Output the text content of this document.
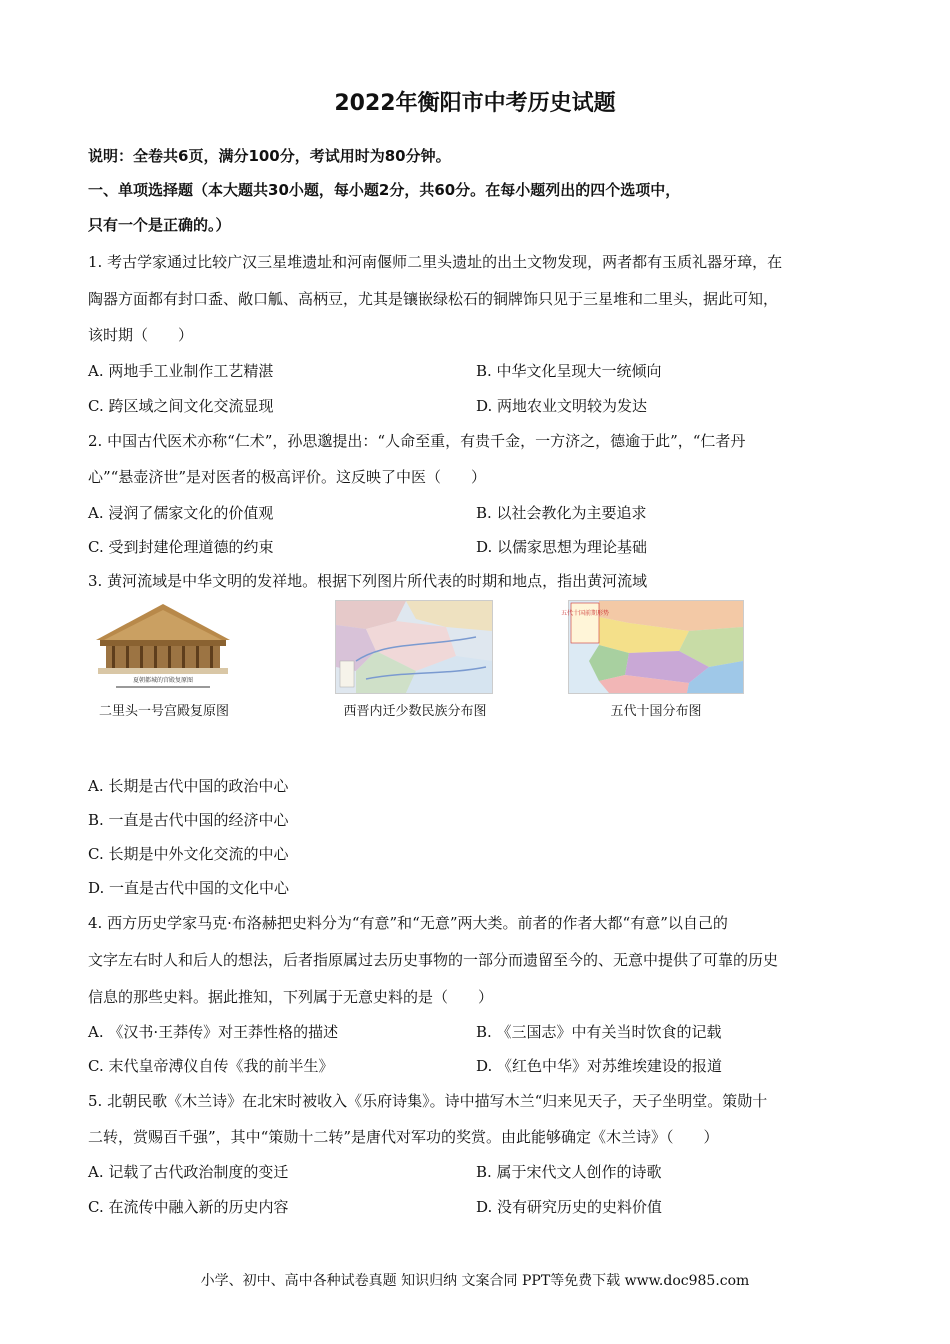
2022年衡阳市中考历史试题
说明：全卷共6页，满分100分，考试用时为80分钟。
一、单项选择题（本大题共30小题，每小题2分，共60分。在每小题列出的四个选项中，
只有一个是正确的。）
1. 考古学家通过比较广汉三星堆遗址和河南偃师二里头遗址的出土文物发现，两者都有玉质礼器牙璋，在
陶器方面都有封口盉、敞口觚、高柄豆，尤其是镶嵌绿松石的铜牌饰只见于三星堆和二里头，据此可知，
该时期（　　）
A. 两地手工业制作工艺精湛	B. 中华文化呈现大一统倾向
C. 跨区域之间文化交流显现	D. 两地农业文明较为发达
2. 中国古代医术亦称“仁术”，孙思邈提出：“人命至重，有贵千金，一方济之，德逾于此”，“仁者丹
心”“悬壶济世”是对医者的极高评价。这反映了中医（　　）
A. 浸润了儒家文化的价值观	B. 以社会教化为主要追求
C. 受到封建伦理道德的约束	D. 以儒家思想为理论基础
3. 黄河流域是中华文明的发祥地。根据下列图片所代表的时期和地点，指出黄河流域
夏朝都城的宫殿复原图
二里头一号宫殿复原图	西晋内迁少数民族分布图
五代十国前期形势
五代十国分布图
A. 长期是古代中国的政治中心
B. 一直是古代中国的经济中心
C. 长期是中外文化交流的中心
D. 一直是古代中国的文化中心
4. 西方历史学家马克·布洛赫把史料分为“有意”和“无意”两大类。前者的作者大都“有意”以自己的
文字左右时人和后人的想法，后者指原属过去历史事物的一部分而遗留至今的、无意中提供了可靠的历史
信息的那些史料。据此推知，下列属于无意史料的是（　　）
A. 《汉书·王莽传》对王莽性格的描述	B. 《三国志》中有关当时饮食的记载
C. 末代皇帝溥仪自传《我的前半生》	D. 《红色中华》对苏维埃建设的报道
5. 北朝民歌《木兰诗》在北宋时被收入《乐府诗集》。诗中描写木兰“归来见天子，天子坐明堂。策勋十
二转，赏赐百千强”，其中“策勋十二转”是唐代对军功的奖赏。由此能够确定《木兰诗》（　　）
A. 记载了古代政治制度的变迁	B. 属于宋代文人创作的诗歌
C. 在流传中融入新的历史内容	D. 没有研究历史的史料价值
小学、初中、高中各种试卷真题 知识归纳 文案合同 PPT等免费下载 www.doc985.com
